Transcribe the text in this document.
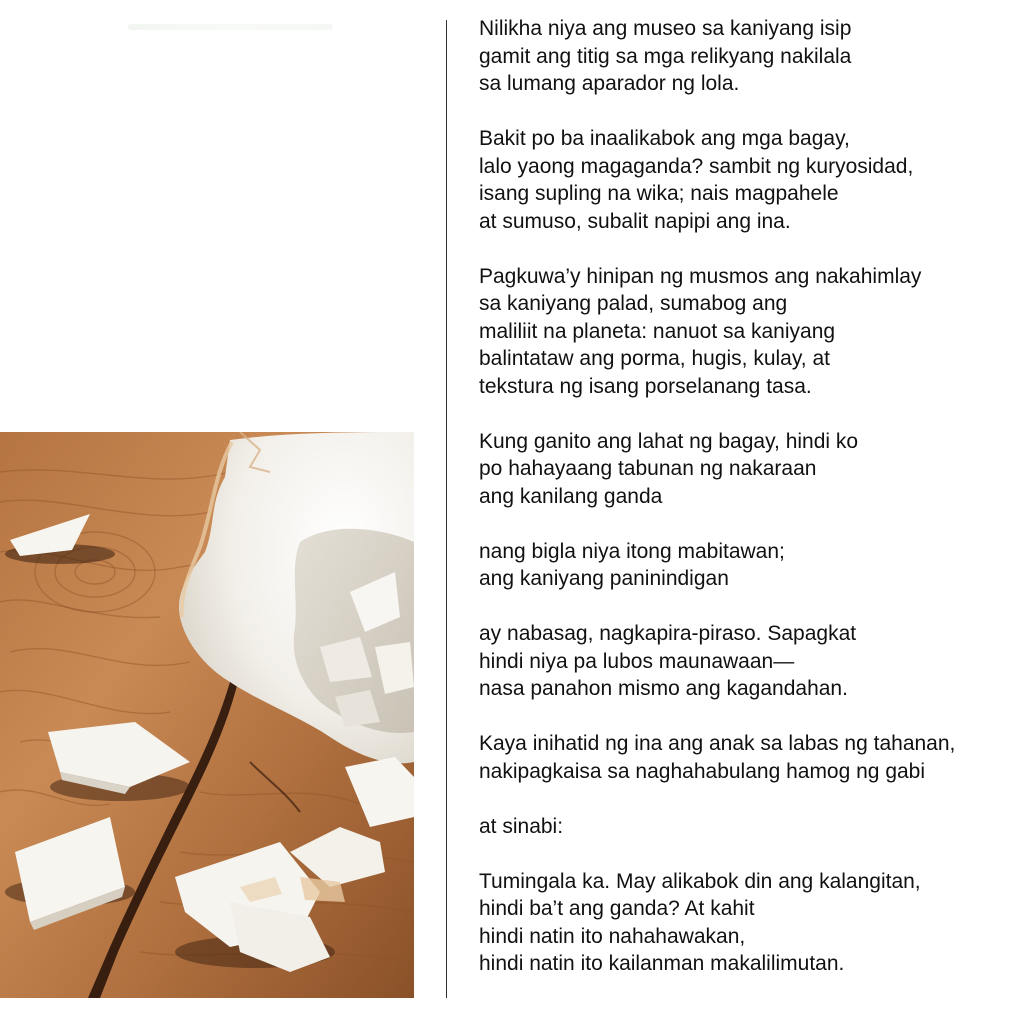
Nilikha niya ang museo sa kaniyang isip
gamit ang titig sa mga relikyang nakilala
sa lumang aparador ng lola.
Bakit po ba inaalikabok ang mga bagay,
lalo yaong magaganda? sambit ng kuryosidad,
isang supling na wika; nais magpahele
at sumuso, subalit napipi ang ina.
Pagkuwa’y hinipan ng musmos ang nakahimlay
sa kaniyang palad, sumabog ang
maliliit na planeta: nanuot sa kaniyang
balintataw ang porma, hugis, kulay, at
tekstura ng isang porselanang tasa.
Kung ganito ang lahat ng bagay, hindi ko
po hahayaang tabunan ng nakaraan
ang kanilang ganda
nang bigla niya itong mabitawan;
ang kaniyang paninindigan
ay nabasag, nagkapira-piraso. Sapagkat
hindi niya pa lubos maunawaan—
nasa panahon mismo ang kagandahan.
Kaya inihatid ng ina ang anak sa labas ng tahanan,
nakipagkaisa sa naghahabulang hamog ng gabi
at sinabi:
Tumingala ka. May alikabok din ang kalangitan,
hindi ba’t ang ganda? At kahit
hindi natin ito nahahawakan,
hindi natin ito kailanman makalilimutan.
